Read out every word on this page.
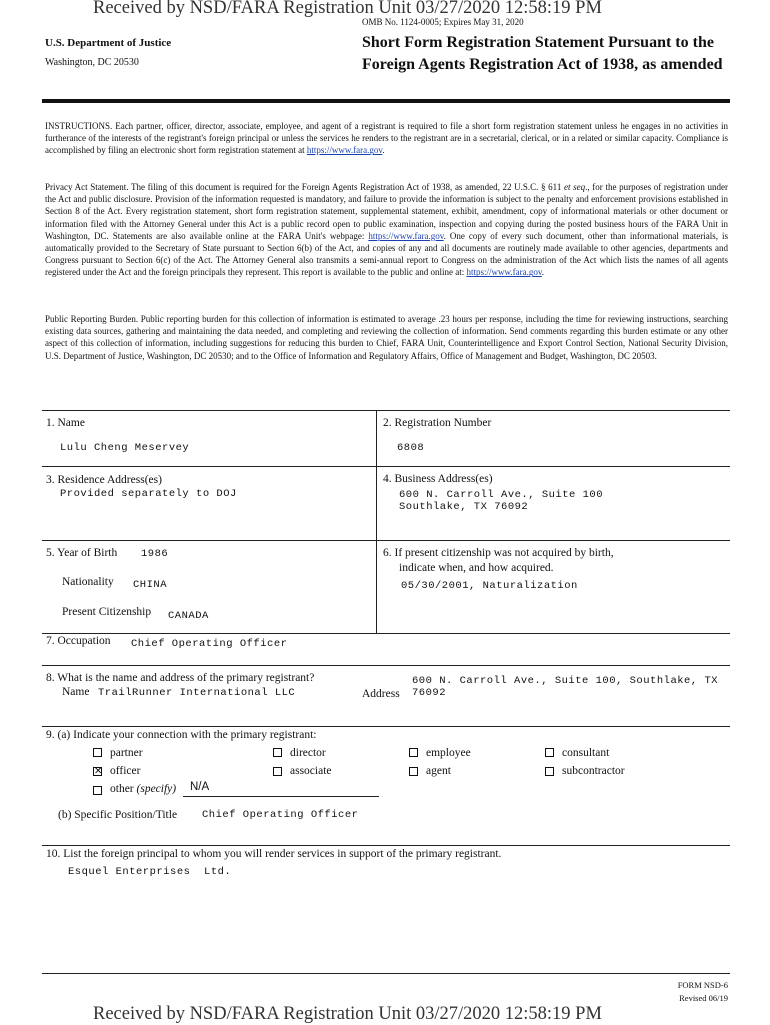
Received by NSD/FARA Registration Unit 03/27/2020 12:58:19 PM
OMB No. 1124-0005; Expires May 31, 2020
U.S. Department of Justice
Washington, DC 20530
Short Form Registration Statement Pursuant to the Foreign Agents Registration Act of 1938, as amended
INSTRUCTIONS. Each partner, officer, director, associate, employee, and agent of a registrant is required to file a short form registration statement unless he engages in no activities in furtherance of the interests of the registrant's foreign principal or unless the services he renders to the registrant are in a secretarial, clerical, or in a related or similar capacity. Compliance is accomplished by filing an electronic short form registration statement at https://www.fara.gov.
Privacy Act Statement. The filing of this document is required for the Foreign Agents Registration Act of 1938, as amended, 22 U.S.C. § 611 et seq., for the purposes of registration under the Act and public disclosure. Provision of the information requested is mandatory, and failure to provide the information is subject to the penalty and enforcement provisions established in Section 8 of the Act. Every registration statement, short form registration statement, supplemental statement, exhibit, amendment, copy of informational materials or other document or information filed with the Attorney General under this Act is a public record open to public examination, inspection and copying during the posted business hours of the FARA Unit in Washington, DC. Statements are also available online at the FARA Unit's webpage: https://www.fara.gov. One copy of every such document, other than informational materials, is automatically provided to the Secretary of State pursuant to Section 6(b) of the Act, and copies of any and all documents are routinely made available to other agencies, departments and Congress pursuant to Section 6(c) of the Act. The Attorney General also transmits a semi-annual report to Congress on the administration of the Act which lists the names of all agents registered under the Act and the foreign principals they represent. This report is available to the public and online at: https://www.fara.gov.
Public Reporting Burden. Public reporting burden for this collection of information is estimated to average .23 hours per response, including the time for reviewing instructions, searching existing data sources, gathering and maintaining the data needed, and completing and reviewing the collection of information. Send comments regarding this burden estimate or any other aspect of this collection of information, including suggestions for reducing this burden to Chief, FARA Unit, Counterintelligence and Export Control Section, National Security Division, U.S. Department of Justice, Washington, DC 20530; and to the Office of Information and Regulatory Affairs, Office of Management and Budget, Washington, DC 20503.
1. Name
Lulu Cheng Meservey
2. Registration Number
6808
3. Residence Address(es)
Provided separately to DOJ
4. Business Address(es)
600 N. Carroll Ave., Suite 100
Southlake, TX 76092
5. Year of Birth 1986
Nationality CHINA
Present Citizenship CANADA
6. If present citizenship was not acquired by birth,
indicate when, and how acquired.
05/30/2001, Naturalization
7. Occupation Chief Operating Officer
8. What is the name and address of the primary registrant?
Name TrailRunner International LLC	Address
600 N. Carroll Ave., Suite 100, Southlake, TX
76092
9. (a) Indicate your connection with the primary registrant:
partner
✕ officer
other (specify) N/A
director
associate
employee
agent
consultant
subcontractor
(b) Specific Position/Title Chief Operating Officer
10. List the foreign principal to whom you will render services in support of the primary registrant.
Esquel Enterprises  Ltd.
FORM NSD-6
Revised 06/19
Received by NSD/FARA Registration Unit 03/27/2020 12:58:19 PM
